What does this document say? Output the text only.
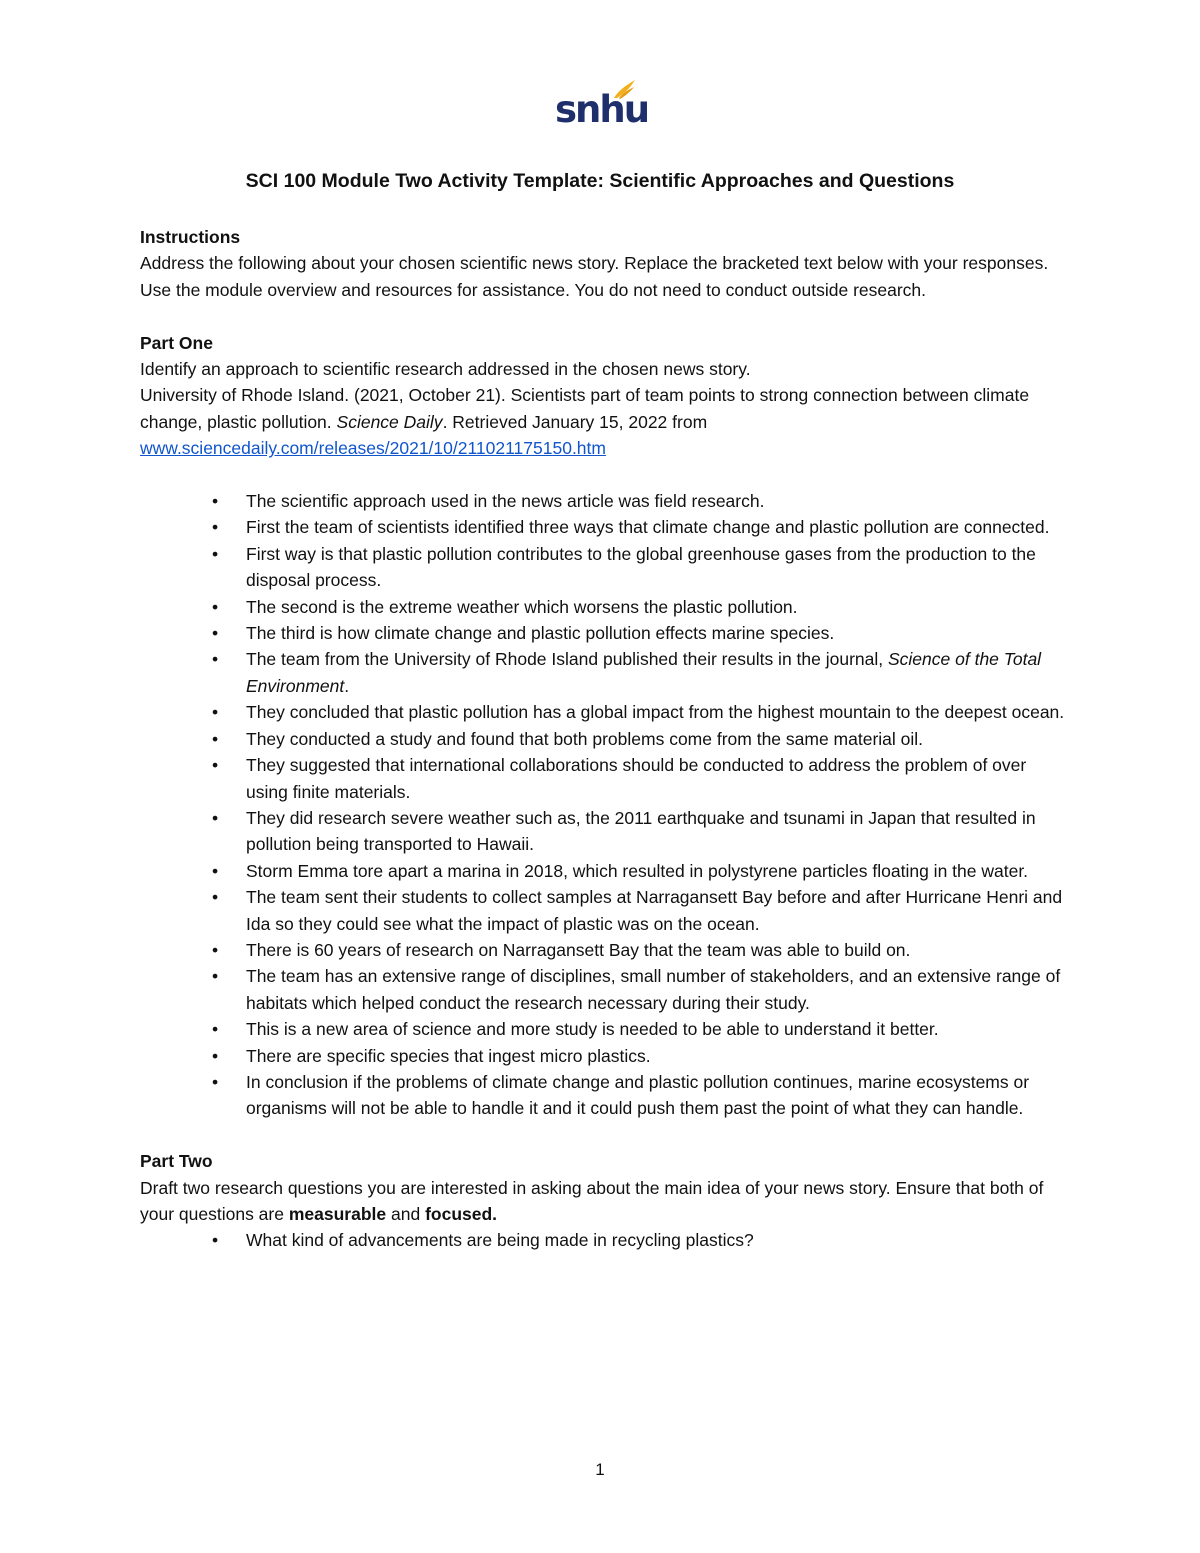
snhu
SCI 100 Module Two Activity Template: Scientific Approaches and Questions

Instructions

Address the following about your chosen scientific news story. Replace the bracketed text below with your responses. Use the module overview and resources for assistance. You do not need to conduct outside research.

Part One

Identify an approach to scientific research addressed in the chosen news story.

University of Rhode Island. (2021, October 21). Scientists part of team points to strong connection between climate change, plastic pollution. Science Daily. Retrieved January 15, 2022 from

www.sciencedaily.com/releases/2021/10/211021175150.htm

• The scientific approach used in the news article was field research.
• First the team of scientists identified three ways that climate change and plastic pollution are connected.
• First way is that plastic pollution contributes to the global greenhouse gases from the production to the disposal process.
• The second is the extreme weather which worsens the plastic pollution.
• The third is how climate change and plastic pollution effects marine species.
• The team from the University of Rhode Island published their results in the journal, Science of the Total Environment.
• They concluded that plastic pollution has a global impact from the highest mountain to the deepest ocean.
• They conducted a study and found that both problems come from the same material oil.
• They suggested that international collaborations should be conducted to address the problem of over using finite materials.
• They did research severe weather such as, the 2011 earthquake and tsunami in Japan that resulted in pollution being transported to Hawaii.
• Storm Emma tore apart a marina in 2018, which resulted in polystyrene particles floating in the water.
• The team sent their students to collect samples at Narragansett Bay before and after Hurricane Henri and Ida so they could see what the impact of plastic was on the ocean.
• There is 60 years of research on Narragansett Bay that the team was able to build on.
• The team has an extensive range of disciplines, small number of stakeholders, and an extensive range of habitats which helped conduct the research necessary during their study.
• This is a new area of science and more study is needed to be able to understand it better.
• There are specific species that ingest micro plastics.
• In conclusion if the problems of climate change and plastic pollution continues, marine ecosystems or organisms will not be able to handle it and it could push them past the point of what they can handle.

Part Two

Draft two research questions you are interested in asking about the main idea of your news story. Ensure that both of your questions are measurable and focused.

• What kind of advancements are being made in recycling plastics?
1
